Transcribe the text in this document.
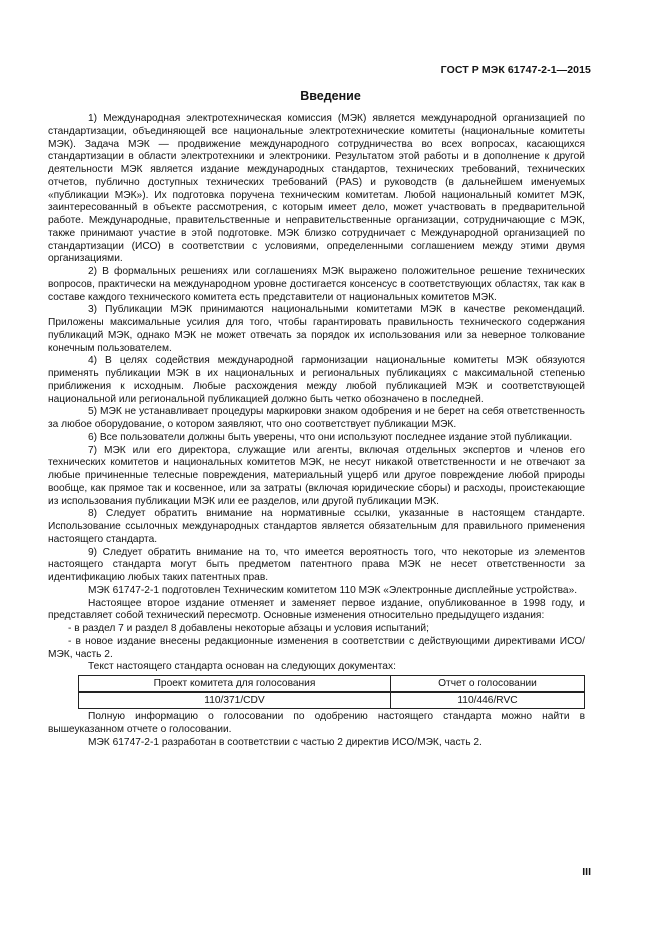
ГОСТ Р МЭК 61747-2-1—2015
Введение

1) Международная электротехническая комиссия (МЭК) является международной организацией по стандартизации, объединяющей все национальные электротехнические комитеты (национальные комитеты МЭК). Задача МЭК — продвижение международного сотрудничества во всех вопросах, касающихся стандартизации в области электротехники и электроники. Результатом этой работы и в дополнение к другой деятельности МЭК является издание международных стандартов, технических требований, технических отчетов, публично доступных технических требований (PAS) и руководств (в дальнейшем именуемых «публикации МЭК»). Их подготовка поручена техническим комитетам. Любой национальный комитет МЭК, заинтересованный в объекте рассмотрения, с которым имеет дело, может участвовать в предварительной работе. Международные, правительственные и неправительственные организации, сотрудничающие с МЭК, также принимают участие в этой подготовке. МЭК близко сотрудничает с Международной организацией по стандартизации (ИСО) в соответствии с условиями, определенными соглашением между этими двумя организациями.

2) В формальных решениях или соглашениях МЭК выражено положительное решение технических вопросов, практически на международном уровне достигается консенсус в соответствующих областях, так как в составе каждого технического комитета есть представители от национальных комитетов МЭК.

3) Публикации МЭК принимаются национальными комитетами МЭК в качестве рекомендаций. Приложены максимальные усилия для того, чтобы гарантировать правильность технического содержания публикаций МЭК, однако МЭК не может отвечать за порядок их использования или за неверное толкование конечным пользователем.

4) В целях содействия международной гармонизации национальные комитеты МЭК обязуются применять публикации МЭК в их национальных и региональных публикациях с максимальной степенью приближения к исходным. Любые расхождения между любой публикацией МЭК и соответствующей национальной или региональной публикацией должно быть четко обозначено в последней.

5) МЭК не устанавливает процедуры маркировки знаком одобрения и не берет на себя ответственность за любое оборудование, о котором заявляют, что оно соответствует публикации МЭК.

6) Все пользователи должны быть уверены, что они используют последнее издание этой публикации.

7) МЭК или его директора, служащие или агенты, включая отдельных экспертов и членов его технических комитетов и национальных комитетов МЭК, не несут никакой ответственности и не отвечают за любые причиненные телесные повреждения, материальный ущерб или другое повреждение любой природы вообще, как прямое так и косвенное, или за затраты (включая юридические сборы) и расходы, проистекающие из использования публикации МЭК или ее разделов, или другой публикации МЭК.

8) Следует обратить внимание на нормативные ссылки, указанные в настоящем стандарте. Использование ссылочных международных стандартов является обязательным для правильного применения настоящего стандарта.

9) Следует обратить внимание на то, что имеется вероятность того, что некоторые из элементов настоящего стандарта могут быть предметом патентного права МЭК не несет ответственности за идентификацию любых таких патентных прав.

МЭК 61747-2-1 подготовлен Техническим комитетом 110 МЭК «Электронные дисплейные устройства».

Настоящее второе издание отменяет и заменяет первое издание, опубликованное в 1998 году, и представляет собой технический пересмотр. Основные изменения относительно предыдущего издания:

- в раздел 7 и раздел 8 добавлены некоторые абзацы и условия испытаний;

- в новое издание внесены редакционные изменения в соответствии с действующими директивами ИСО/МЭК, часть 2.

Текст настоящего стандарта основан на следующих документах:

Проект комитета для голосования	Отчет о голосовании
110/371/CDV	110/446/RVC

Полную информацию о голосовании по одобрению настоящего стандарта можно найти в вышеуказанном отчете о голосовании.

МЭК 61747-2-1 разработан в соответствии с частью 2 директив ИСО/МЭК, часть 2.

III
